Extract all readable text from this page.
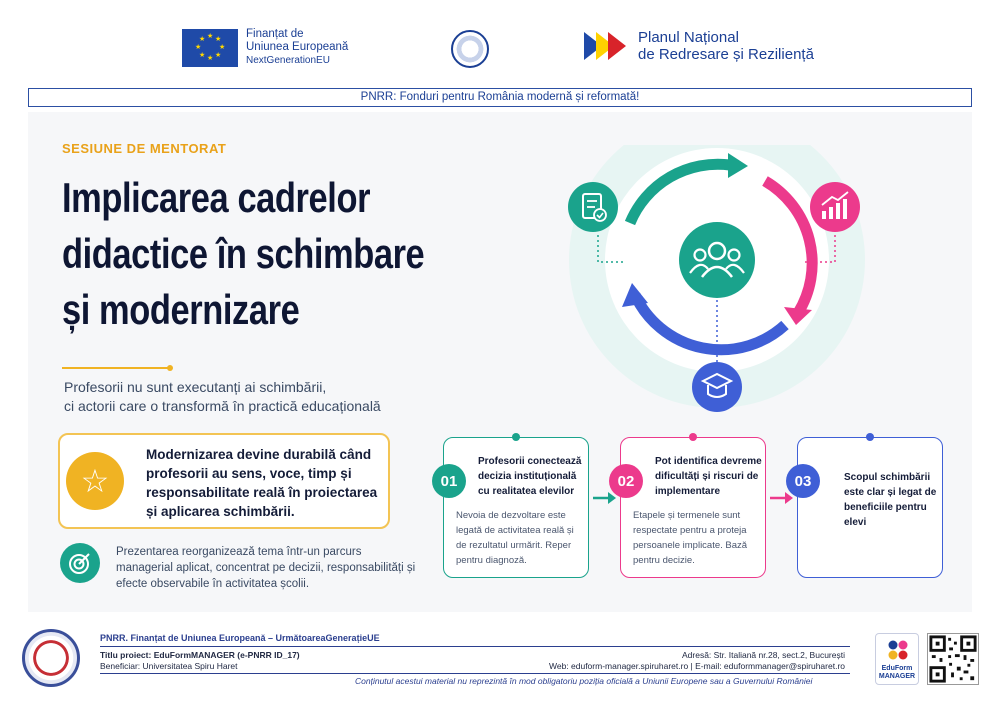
★ ★
★
★
★
★
★
★	Finanțat de
Uniunea Europeană
NextGenerationEU
Planul Național
de Redresare și Reziliență
PNRR: Fonduri pentru România modernă și reformată!
SESIUNE DE MENTORAT
Implicarea cadrelor
didactice în schimbare
și modernizare
Profesorii nu sunt executanți ai schimbării,
ci actorii care o transformă în practică educațională
☆
Modernizarea devine durabilă când profesorii au sens, voce, timp și responsabilitate reală în proiectarea și aplicarea schimbării.
Prezentarea reorganizează tema într-un parcurs managerial aplicat, concentrat pe decizii, responsabilități și efecte observabile în activitatea școlii.
01
Profesorii conectează decizia instituțională cu realitatea elevilor
Nevoia de dezvoltare este legată de activitatea reală și de rezultatul urmărit. Reper pentru diagnoză.
02
Pot identifica devreme dificultăți și riscuri de implementare
Etapele și termenele sunt respectate pentru a proteja persoanele implicate. Bază pentru decizie.
03	Scopul schimbării este clar și legat de beneficiile pentru elevi
PNRR. Finanțat de Uniunea Europeană – UrmătoareaGenerațieUE
Titlu proiect: EduFormMANAGER (e-PNRR ID_17)
Beneficiar: Universitatea Spiru Haret
Adresă: Str. Italiană nr.28, sect.2, București
Web: eduform-manager.spiruharet.ro | E-mail: eduformmanager@spiruharet.ro
Conținutul acestui material nu reprezintă în mod obligatoriu poziția oficială a Uniunii Europene sau a Guvernului României
EduForm
MANAGER
